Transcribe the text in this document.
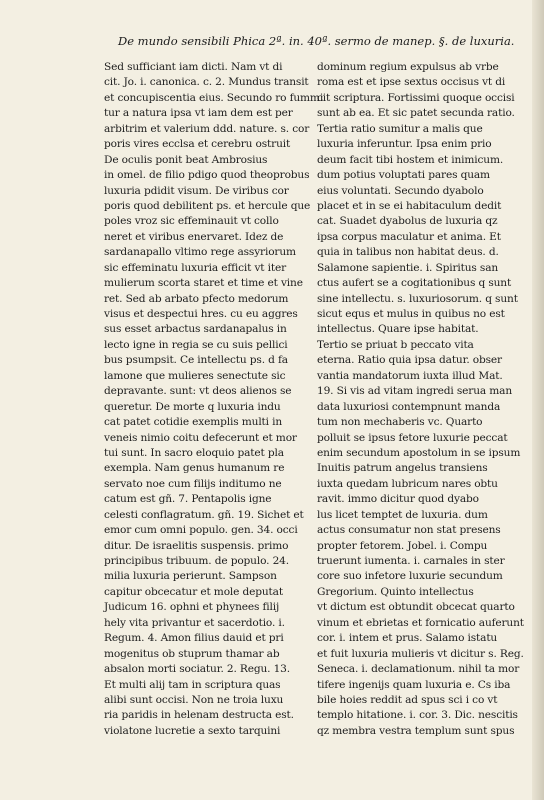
De mundo sensibili Phica 2ª. in. 40ª. sermo de manep. §. de luxuria.
Sed sufficiant iam dicti. Nam vt di
cit. Jo. i. canonica. c. 2. Mundus transit
et concupiscentia eius. Secundo ro fummi
tur a natura ipsa vt iam dem est per
arbitrim et valerium ddd. nature. s. cor
poris vires ecclsa et cerebru ostruit
De oculis ponit beat Ambrosius
in omel. de filio pdigo quod theoprobus
luxuria pdidit visum. De viribus cor
poris quod debilitent ps. et hercule que
poles vroz sic effeminauit vt collo
neret et viribus enervaret. Idez de
sardanapallo vltimo rege assyriorum
sic effeminatu luxuria efficit vt iter
mulierum scorta staret et time et vine
ret. Sed ab arbato pfecto medorum
visus et despectui hres. cu eu aggres
sus esset arbactus sardanapalus in
lecto igne in regia se cu suis pellici
bus psumpsit. Ce intellectu ps. d fa
lamone que mulieres senectute sic
depravante. sunt: vt deos alienos se
queretur. De morte q luxuria indu
cat patet cotidie exemplis multi in
veneis nimio coitu defecerunt et mor
tui sunt. In sacro eloquio patet pla
exempla. Nam genus humanum re
servato noe cum filijs inditumo ne
catum est gñ. 7. Pentapolis igne
celesti conflagratum. gñ. 19. Sichet et
emor cum omni populo. gen. 34. occi
ditur. De israelitis suspensis. primo
principibus tribuum. de populo. 24.
milia luxuria perierunt. Sampson
capitur obcecatur et mole deputat
Judicum 16. ophni et phynees filij
hely vita privantur et sacerdotio. i.
Regum. 4. Amon filius dauid et pri
mogenitus ob stuprum thamar ab
absalon morti sociatur. 2. Regu. 13.
Et multi alij tam in scriptura quas
alibi sunt occisi. Non ne troia luxu
ria paridis in helenam destructa est.
violatone lucretie a sexto tarquini
dominum regium expulsus ab vrbe
roma est et ipse sextus occisus vt di
cit scriptura. Fortissimi quoque occisi
sunt ab ea. Et sic patet secunda ratio.
Tertia ratio sumitur a malis que
luxuria inferuntur. Ipsa enim prio
deum facit tibi hostem et inimicum.
dum potius voluptati pares quam
eius voluntati. Secundo dyabolo
placet et in se ei habitaculum dedit
cat. Suadet dyabolus de luxuria qz
ipsa corpus maculatur et anima. Et
quia in talibus non habitat deus. d.
Salamone sapientie. i. Spiritus san
ctus aufert se a cogitationibus q sunt
sine intellectu. s. luxuriosorum. q sunt
sicut equs et mulus in quibus no est
intellectus. Quare ipse habitat.
Tertio se priuat b peccato vita
eterna. Ratio quia ipsa datur. obser
vantia mandatorum iuxta illud Mat.
19. Si vis ad vitam ingredi serua man
data luxuriosi contempnunt manda
tum non mechaberis vc. Quarto
polluit se ipsus fetore luxurie peccat
enim secundum apostolum in se ipsum
Inuitis patrum angelus transiens
iuxta quedam lubricum nares obtu
ravit. immo dicitur quod dyabo
lus licet temptet de luxuria. dum
actus consumatur non stat presens
propter fetorem. Jobel. i. Compu
truerunt iumenta. i. carnales in ster
core suo infetore luxurie secundum
Gregorium. Quinto intellectus
vt dictum est obtundit obcecat quarto
vinum et ebrietas et fornicatio auferunt
cor. i. intem et prus. Salamo istatu
et fuit luxuria mulieris vt dicitur s. Reg.
Seneca. i. declamationum. nihil ta mor
tifere ingenijs quam luxuria e. Cs iba
bile hoies reddit ad spus sci i co vt
templo hitatione. i. cor. 3. Dic. nescitis
qz membra vestra templum sunt spus
